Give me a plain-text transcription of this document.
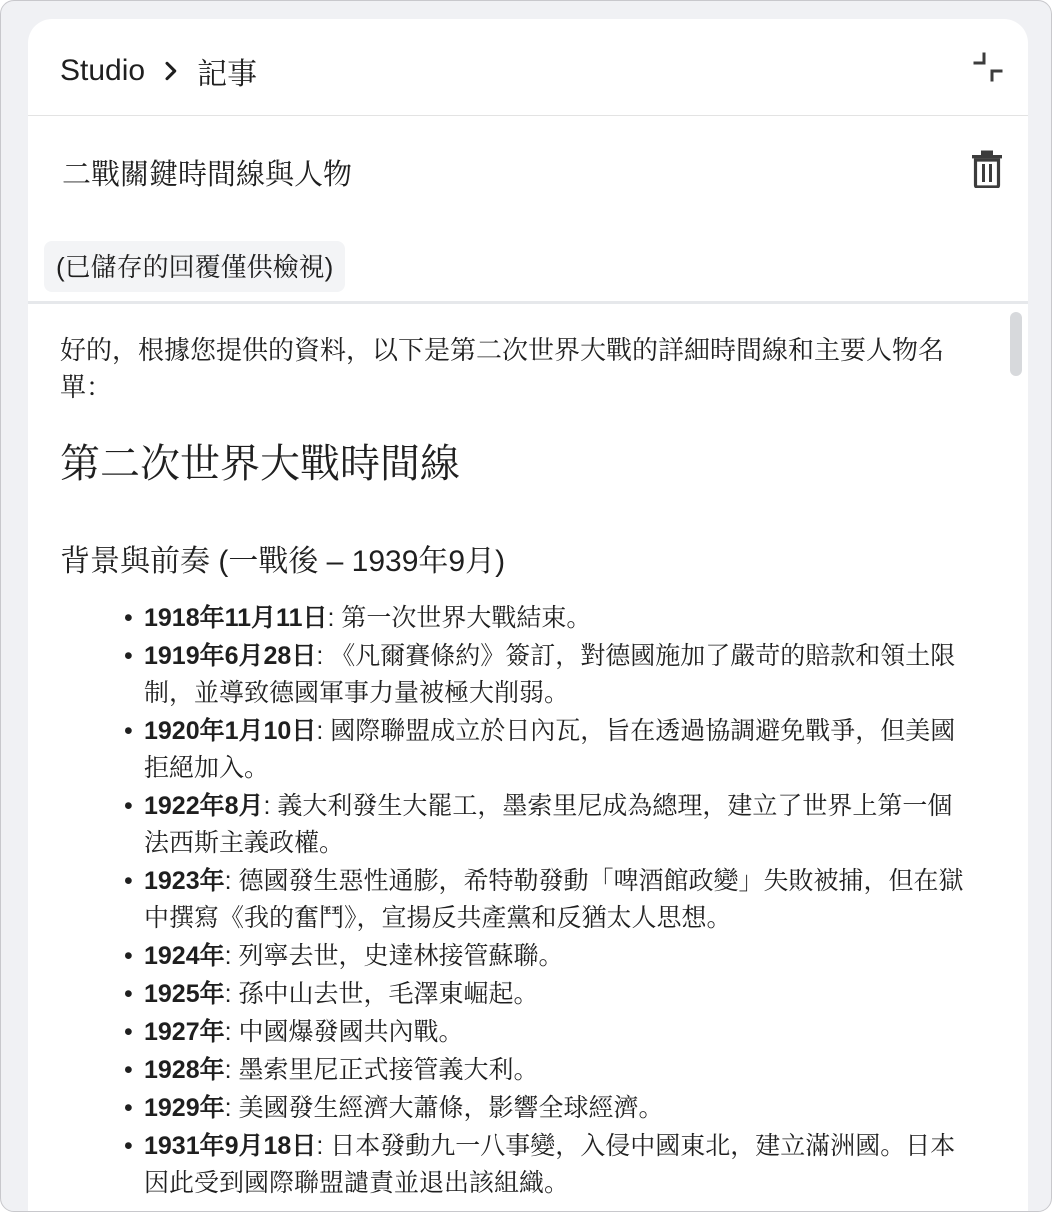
Studio 記事
二戰關鍵時間線與人物
(已儲存的回覆僅供檢視)
好的，根據您提供的資料，以下是第二次世界大戰的詳細時間線和主要人物名單：
第二次世界大戰時間線
背景與前奏 (一戰後 – 1939年9月)
• 1918年11月11日: 第一次世界大戰結束。
• 1919年6月28日: 《凡爾賽條約》簽訂，對德國施加了嚴苛的賠款和領土限制，並導致德國軍事力量被極大削弱。
• 1920年1月10日: 國際聯盟成立於日內瓦，旨在透過協調避免戰爭，但美國拒絕加入。
• 1922年8月: 義大利發生大罷工，墨索里尼成為總理，建立了世界上第一個法西斯主義政權。
• 1923年: 德國發生惡性通膨，希特勒發動「啤酒館政變」失敗被捕，但在獄中撰寫《我的奮鬥》，宣揚反共產黨和反猶太人思想。
• 1924年: 列寧去世，史達林接管蘇聯。
• 1925年: 孫中山去世，毛澤東崛起。
• 1927年: 中國爆發國共內戰。
• 1928年: 墨索里尼正式接管義大利。
• 1929年: 美國發生經濟大蕭條，影響全球經濟。
• 1931年9月18日: 日本發動九一八事變，入侵中國東北，建立滿洲國。日本因此受到國際聯盟譴責並退出該組織。
